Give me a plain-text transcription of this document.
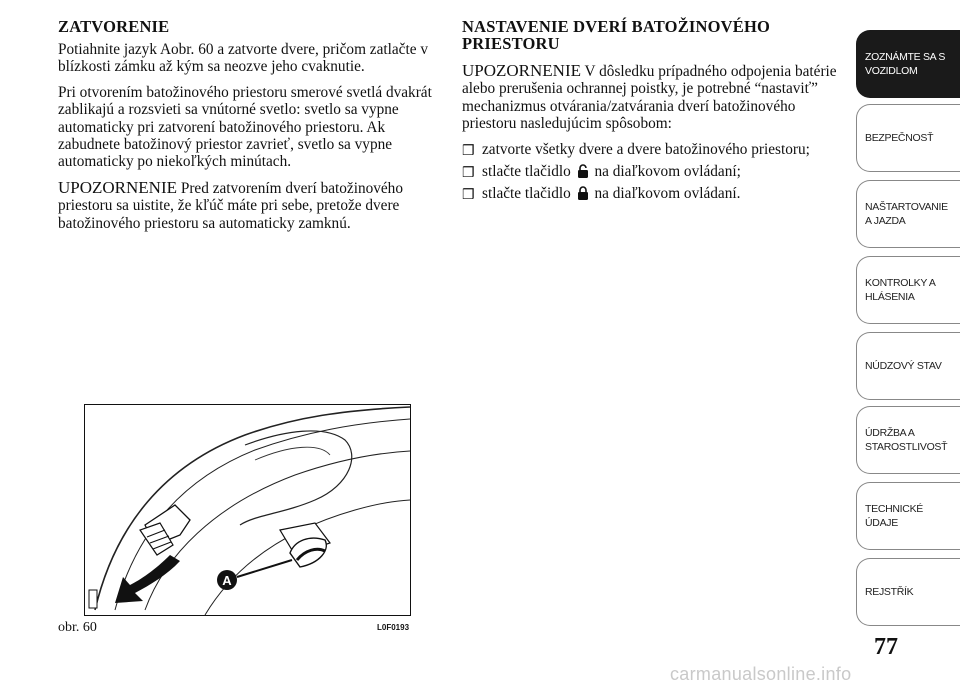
ZATVORENIE

Potiahnite jazyk Aobr. 60 a zatvorte dvere, pričom zatlačte v blízkosti zámku až kým sa neozve jeho cvaknutie.

Pri otvorením batožinového priestoru smerové svetlá dvakrát zablikajú a rozsvieti sa vnútorné svetlo: svetlo sa vypne automaticky pri zatvorení batožinového priestoru. Ak zabudnete batožinový priestor zavrieť, svetlo sa vypne automaticky po niekoľkých minútach.

UPOZORNENIE Pred zatvorením dverí batožinového priestoru sa uistite, že kľúč máte pri sebe, pretože dvere batožinového priestoru sa automaticky zamknú.

NASTAVENIE DVERÍ BATOŽINOVÉHO
PRIESTORU

UPOZORNENIE V dôsledku prípadného odpojenia batérie alebo prerušenia ochrannej poistky, je potrebné “nastaviť” mechanizmus otvárania/zatvárania dverí batožinového priestoru nasledujúcim spôsobom:

❒ zatvorte všetky dvere a dvere batožinového priestoru;
❒ stlačte tlačidlo na diaľkovom ovládaní;
❒ stlačte tlačidlo na diaľkovom ovládaní.
A
obr. 60	L0F0193
ZOZNÁMTE SA S
VOZIDLOM
BEZPEČNOSŤ
NAŠTARTOVANIE
A JAZDA
KONTROLKY A
HLÁSENIA
NÚDZOVÝ STAV
ÚDRŽBA A
STAROSTLIVOSŤ
TECHNICKÉ
ÚDAJE
REJSTŘÍK
77
carmanualsonline.info
